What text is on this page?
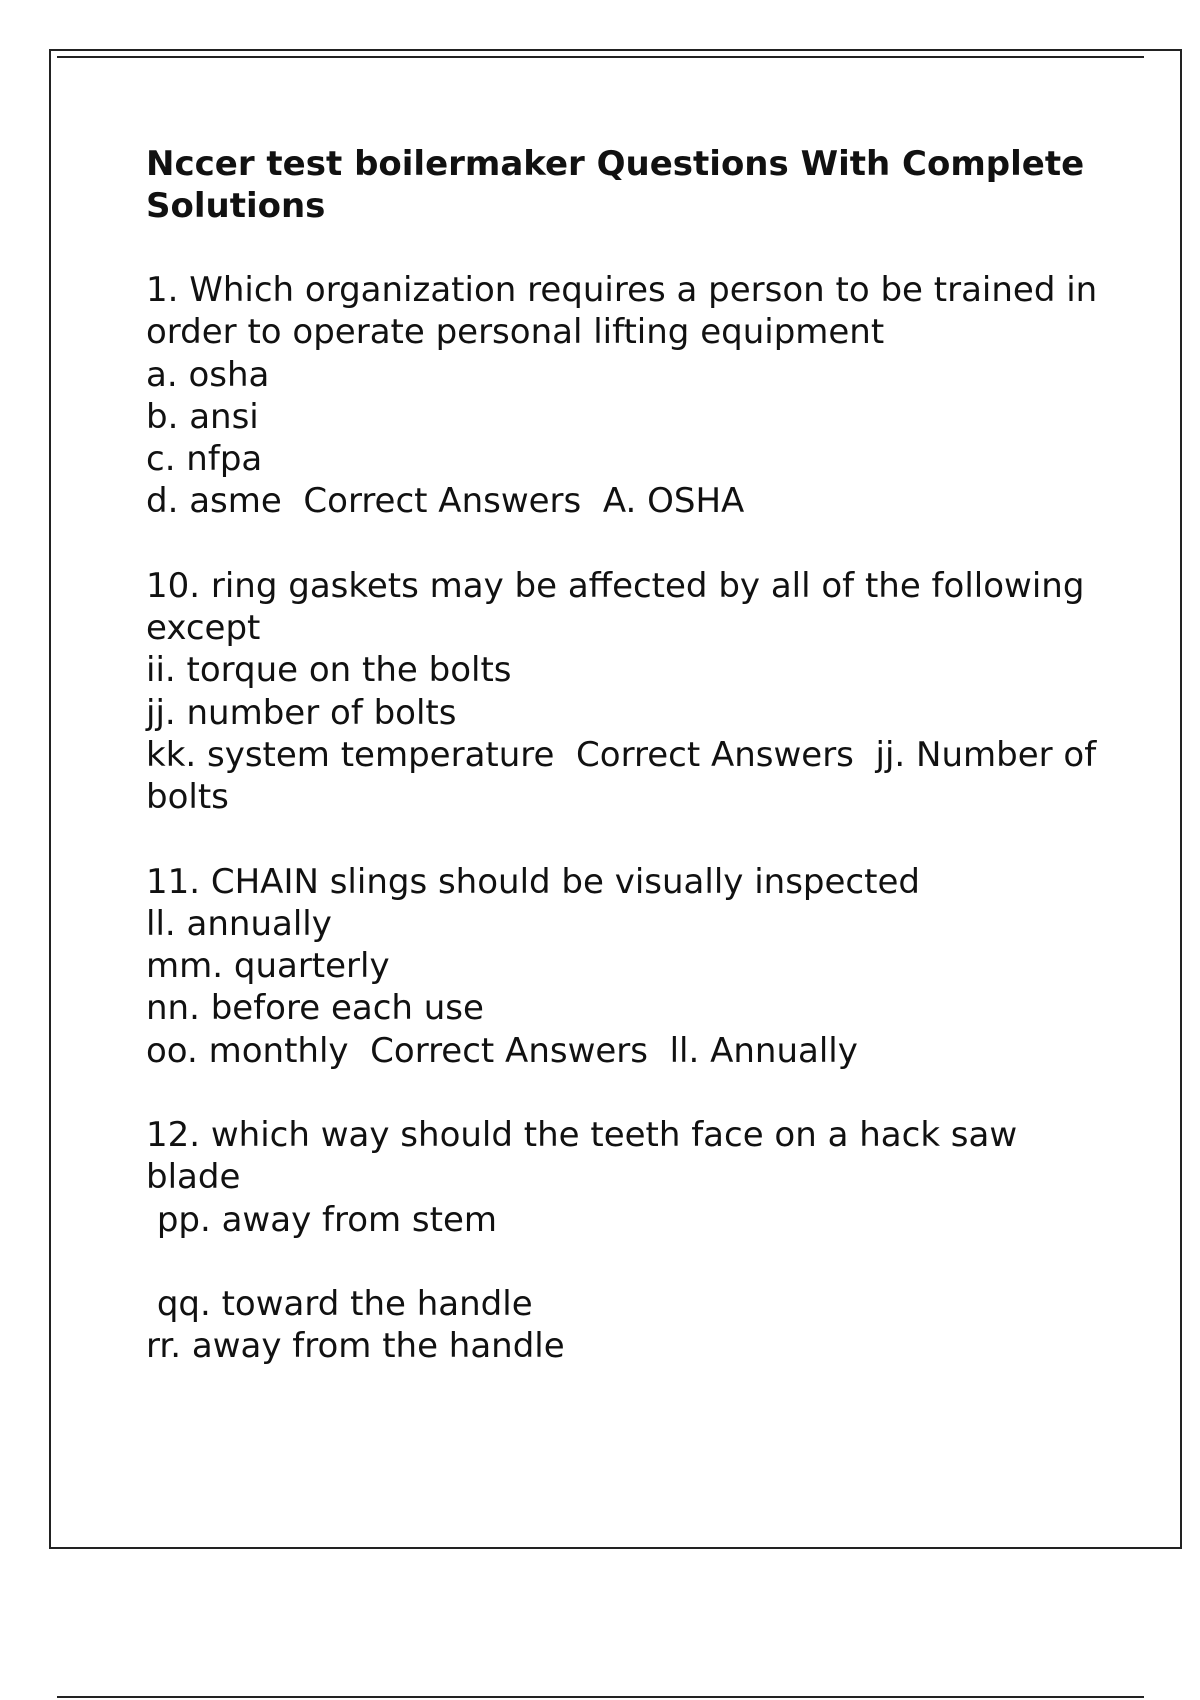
Nccer test boilermaker Questions With Complete Solutions
1. Which organization requires a person to be trained in order to operate personal lifting equipment
a. osha
b. ansi
c. nfpa
d. asme  Correct Answers  A. OSHA
10. ring gaskets may be affected by all of the following except
ii. torque on the bolts
jj. number of bolts
kk. system temperature  Correct Answers  jj. Number of bolts
11. CHAIN slings should be visually inspected
ll. annually
mm. quarterly
nn. before each use
oo. monthly  Correct Answers  ll. Annually
12. which way should the teeth face on a hack saw blade
pp. away from stem
qq. toward the handle
rr. away from the handle
